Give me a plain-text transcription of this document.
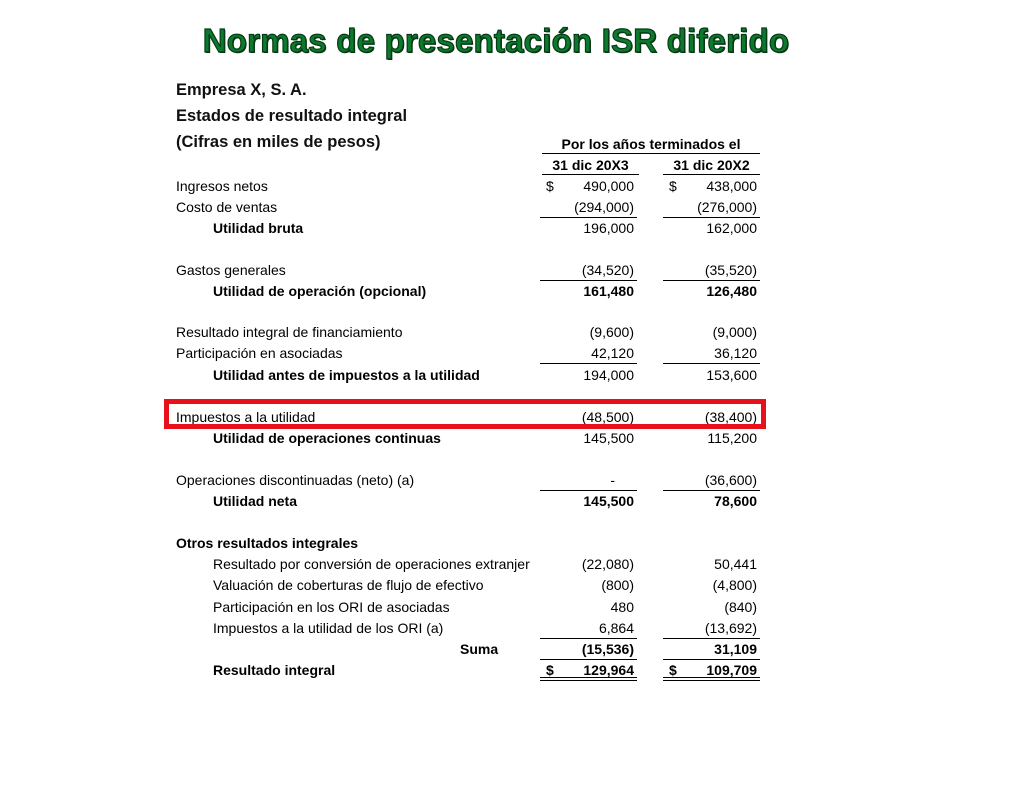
Normas de presentación ISR diferido
Empresa X, S. A.
Estados de resultado integral
(Cifras en miles de pesos)	Por los años terminados el
31 dic 20X3	31 dic 20X2
Ingresos netos	$ 490,000	$ 438,000
Costo de ventas	(294,000)	(276,000)
Utilidad bruta	196,000	162,000
Gastos generales	(34,520)	(35,520)
Utilidad de operación (opcional)	161,480	126,480
Resultado integral de financiamiento	(9,600)	(9,000)
Participación en asociadas	42,120	36,120
Utilidad antes de impuestos a la utilidad	194,000	153,600
Impuestos a la utilidad	(48,500)	(38,400)
Utilidad de operaciones continuas	145,500	115,200
Operaciones discontinuadas (neto) (a)	-	(36,600)
Utilidad neta	145,500	78,600
Otros resultados integrales
Resultado por conversión de operaciones extranjer	(22,080)	50,441
Valuación de coberturas de flujo de efectivo	(800)	(4,800)
Participación en los ORI de asociadas	480	(840)
Impuestos a la utilidad de los ORI (a)	6,864	(13,692)
Suma	(15,536)	31,109
Resultado integral	$ 129,964	$ 109,709
